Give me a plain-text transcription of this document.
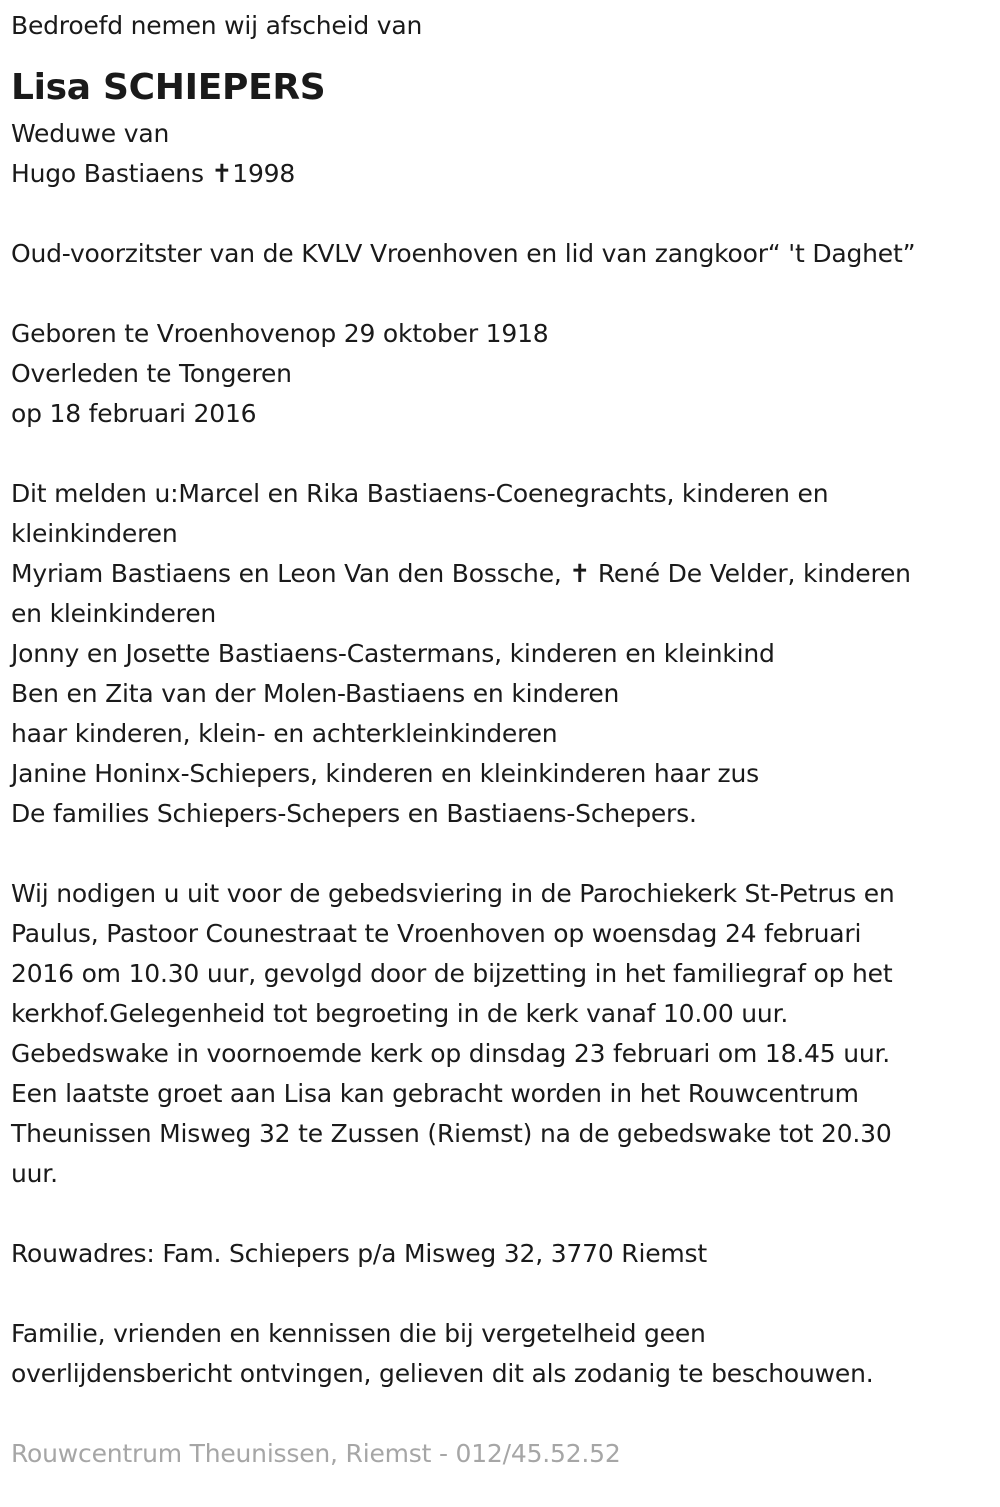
Bedroefd nemen wij afscheid van
Lisa SCHIEPERS
Weduwe van
Hugo Bastiaens ✝1998
Oud-voorzitster van de KVLV Vroenhoven en lid van zangkoor“ 't Daghet”
Geboren te Vroenhovenop 29 oktober 1918
Overleden te Tongeren
op 18 februari 2016
Dit melden u:Marcel en Rika Bastiaens-Coenegrachts, kinderen en
kleinkinderen
Myriam Bastiaens en Leon Van den Bossche, ✝ René De Velder, kinderen
en kleinkinderen
Jonny en Josette Bastiaens-Castermans, kinderen en kleinkind
Ben en Zita van der Molen-Bastiaens en kinderen
haar kinderen, klein- en achterkleinkinderen
Janine Honinx-Schiepers, kinderen en kleinkinderen haar zus
De families Schiepers-Schepers en Bastiaens-Schepers.
Wij nodigen u uit voor de gebedsviering in de Parochiekerk St-Petrus en
Paulus, Pastoor Counestraat te Vroenhoven op woensdag 24 februari
2016 om 10.30 uur, gevolgd door de bijzetting in het familiegraf op het
kerkhof.Gelegenheid tot begroeting in de kerk vanaf 10.00 uur.
Gebedswake in voornoemde kerk op dinsdag 23 februari om 18.45 uur.
Een laatste groet aan Lisa kan gebracht worden in het Rouwcentrum
Theunissen Misweg 32 te Zussen (Riemst) na de gebedswake tot 20.30
uur.
Rouwadres: Fam. Schiepers p/a Misweg 32, 3770 Riemst
Familie, vrienden en kennissen die bij vergetelheid geen
overlijdensbericht ontvingen, gelieven dit als zodanig te beschouwen.
Rouwcentrum Theunissen, Riemst - 012/45.52.52
